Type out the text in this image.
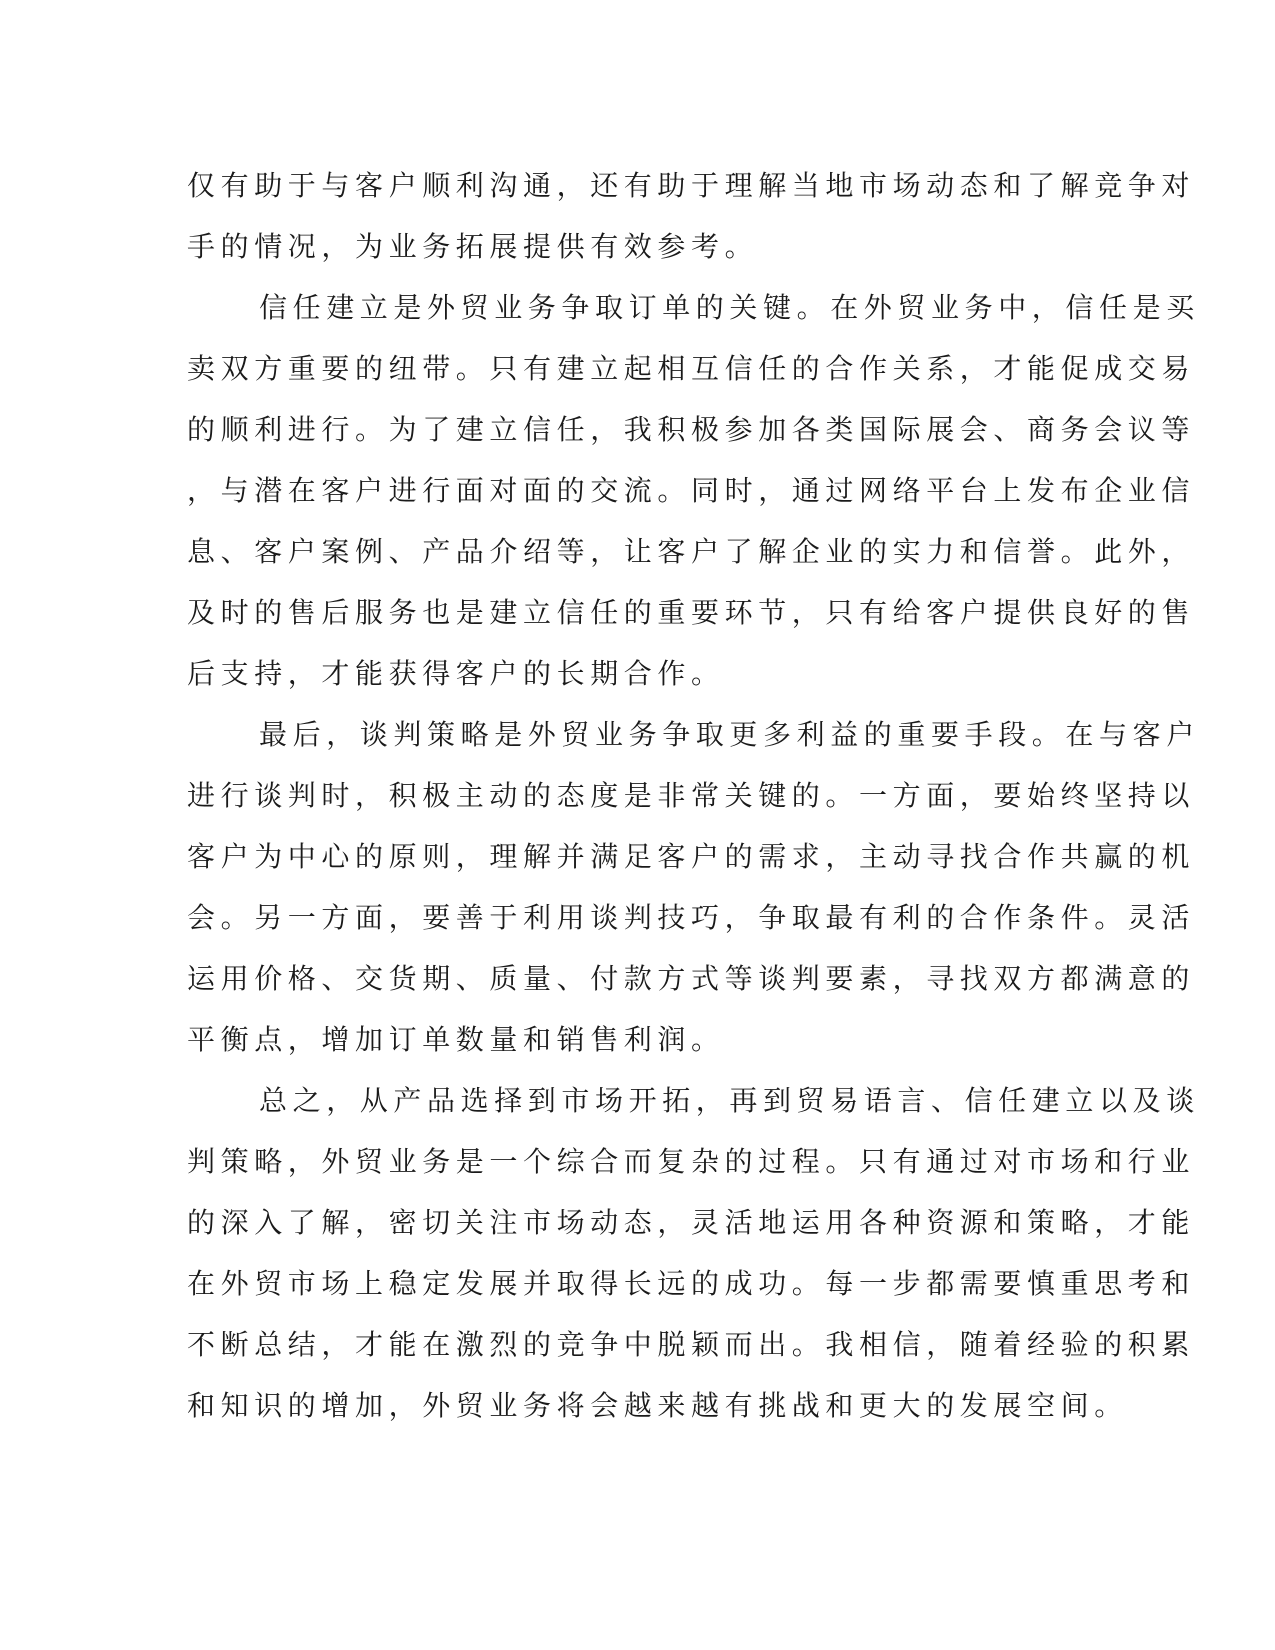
仅有助于与客户顺利沟通，还有助于理解当地市场动态和了解竞争对
手的情况，为业务拓展提供有效参考。
信任建立是外贸业务争取订单的关键。在外贸业务中，信任是买
卖双方重要的纽带。只有建立起相互信任的合作关系，才能促成交易
的顺利进行。为了建立信任，我积极参加各类国际展会、商务会议等
，与潜在客户进行面对面的交流。同时，通过网络平台上发布企业信
息、客户案例、产品介绍等，让客户了解企业的实力和信誉。此外，
及时的售后服务也是建立信任的重要环节，只有给客户提供良好的售
后支持，才能获得客户的长期合作。
最后，谈判策略是外贸业务争取更多利益的重要手段。在与客户
进行谈判时，积极主动的态度是非常关键的。一方面，要始终坚持以
客户为中心的原则，理解并满足客户的需求，主动寻找合作共赢的机
会。另一方面，要善于利用谈判技巧，争取最有利的合作条件。灵活
运用价格、交货期、质量、付款方式等谈判要素，寻找双方都满意的
平衡点，增加订单数量和销售利润。
总之，从产品选择到市场开拓，再到贸易语言、信任建立以及谈
判策略，外贸业务是一个综合而复杂的过程。只有通过对市场和行业
的深入了解，密切关注市场动态，灵活地运用各种资源和策略，才能
在外贸市场上稳定发展并取得长远的成功。每一步都需要慎重思考和
不断总结，才能在激烈的竞争中脱颖而出。我相信，随着经验的积累
和知识的增加，外贸业务将会越来越有挑战和更大的发展空间。
